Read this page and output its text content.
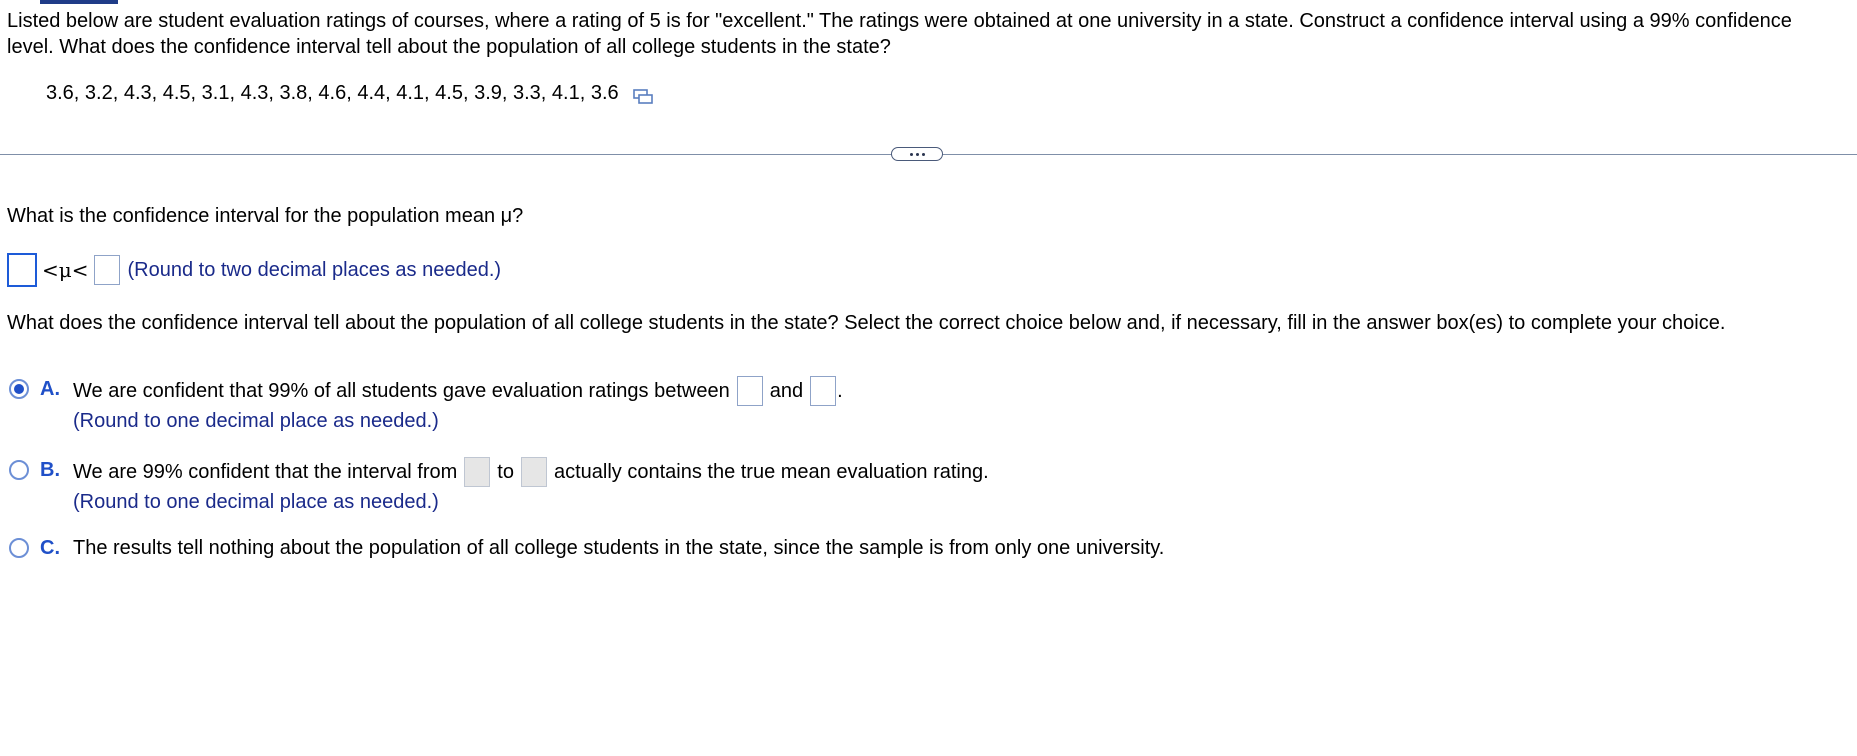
Listed below are student evaluation ratings of courses, where a rating of 5 is for "excellent." The ratings were obtained at one university in a state. Construct a confidence interval using a 99% confidence level. What does the confidence interval tell about the population of all college students in the state?
3.6, 3.2, 4.3, 4.5, 3.1, 4.3, 3.8, 4.6, 4.4, 4.1, 4.5, 3.9, 3.3, 4.1, 3.6
What is the confidence interval for the population mean μ?
<μ< (Round to two decimal places as needed.)
What does the confidence interval tell about the population of all college students in the state? Select the correct choice below and, if necessary, fill in the answer box(es) to complete your choice.
A. We are confident that 99% of all students gave evaluation ratings between and .
(Round to one decimal place as needed.)
B. We are 99% confident that the interval from to actually contains the true mean evaluation rating.
(Round to one decimal place as needed.)
C. The results tell nothing about the population of all college students in the state, since the sample is from only one university.
